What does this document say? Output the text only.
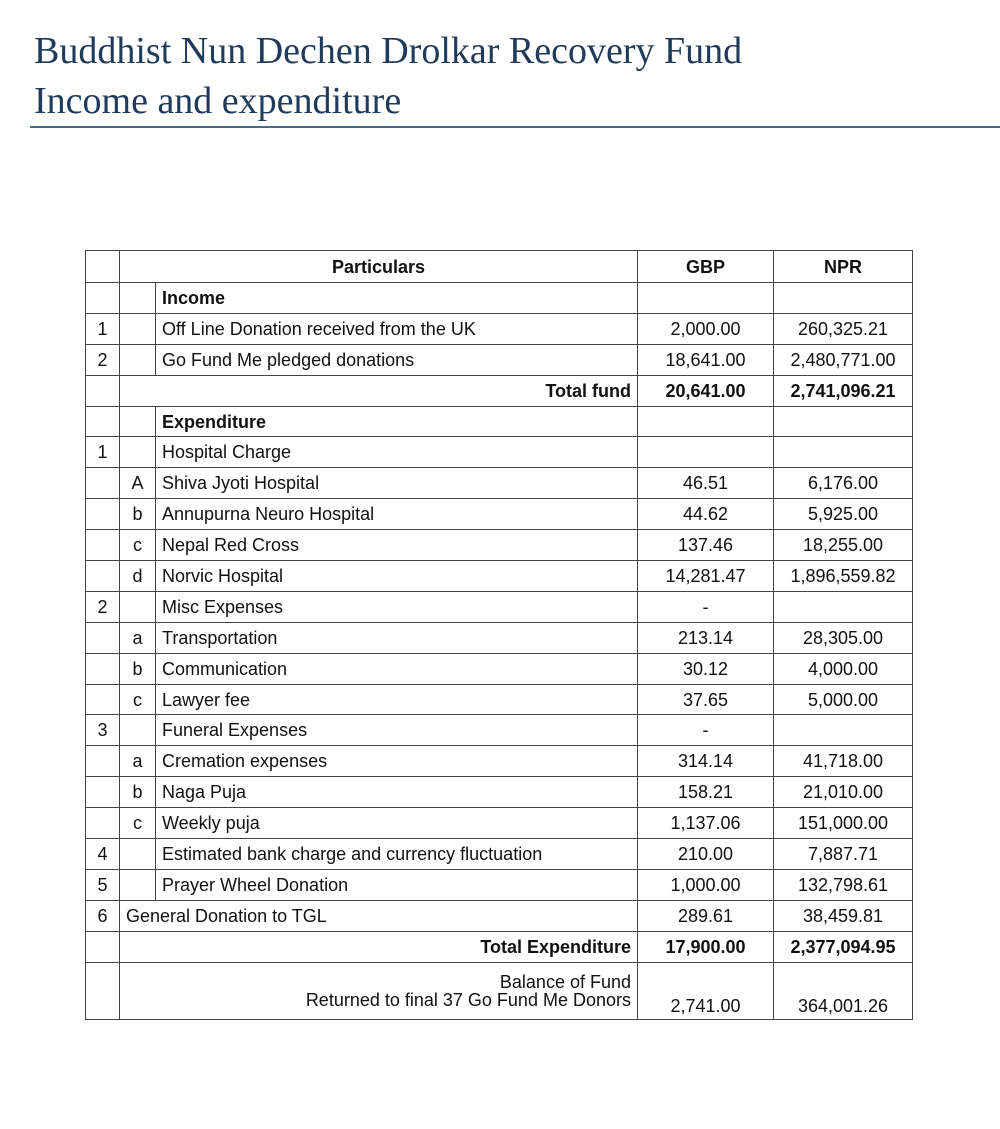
Buddhist Nun Dechen Drolkar Recovery Fund
Income and expenditure
	Particulars		GBP	NPR
		Income		
1		Off Line Donation received from the UK	2,000.00	260,325.21
2		Go Fund Me pledged donations	18,641.00	2,480,771.00
	Total fund		20,641.00	2,741,096.21
		Expenditure		
1		Hospital Charge		
	A	Shiva Jyoti Hospital	46.51	6,176.00
	b	Annupurna Neuro Hospital	44.62	5,925.00
	c	Nepal Red Cross	137.46	18,255.00
	d	Norvic Hospital	14,281.47	1,896,559.82
2		Misc Expenses	-	
	a	Transportation	213.14	28,305.00
	b	Communication	30.12	4,000.00
	c	Lawyer fee	37.65	5,000.00
3		Funeral Expenses	-	
	a	Cremation expenses	314.14	41,718.00
	b	Naga Puja	158.21	21,010.00
	c	Weekly puja	1,137.06	151,000.00
4		Estimated bank charge and currency fluctuation	210.00	7,887.71
5		Prayer Wheel Donation	1,000.00	132,798.61
6	General Donation to TGL		289.61	38,459.81
	Total Expenditure		17,900.00	2,377,094.95

	Balance of Fund
Returned to final 37 Go Fund Me Donors		2,741.00	364,001.26
